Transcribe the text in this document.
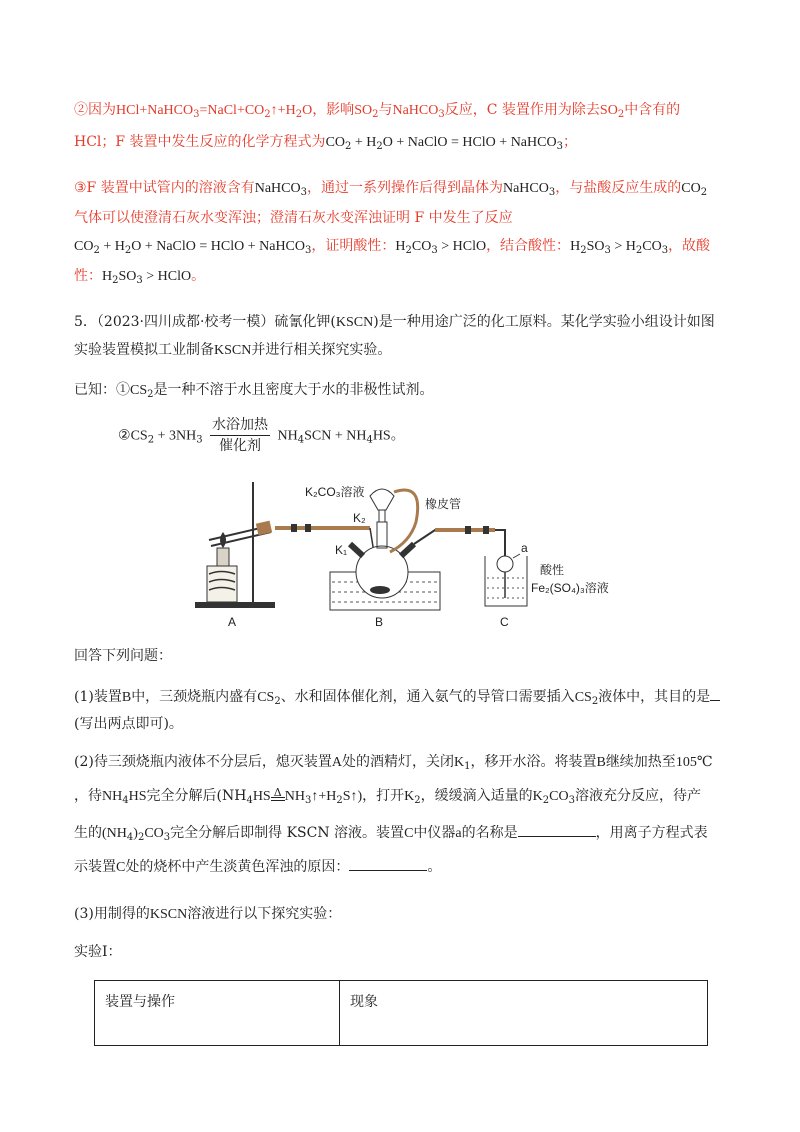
②因为$HCl+NaHCO_3=NaCl+CO_2↑+H_2O$，影响$SO_2$与NaHCO$_3$反应，C 装置作用为除去$SO_2$中含有的
HCl；F 装置中发生反应的化学方程式为$CO_2 + H_2O$ + NaClO = HClO + NaHCO$_3$；
③F 装置中试管内的溶液含有NaHCO$_3$，通过一系列操作后得到晶体为NaHCO$_3$，与盐酸反应生成的$CO_2$
气体可以使澄清石灰水变浑浊；澄清石灰水变浑浊证明 F 中发生了反应
$CO_2 + H_2O$ + NaClO = HClO + NaHCO$_3$，证明酸性：$H_2CO_3$ > HClO，结合酸性：$H_2SO_3 > H_2CO_3$，故酸
性：$H_2SO_3$ > HClO。
5．（2023·四川成都·校考一模）硫氰化钾(KSCN)是一种用途广泛的化工原料。某化学实验小组设计如图
实验装置模拟工业制备KSCN并进行相关探究实验。
已知：$①CS_2$是一种不溶于水且密度大于水的非极性试剂。
$②CS_2 + 3NH_3 \frac{\text{水浴加热}}{\text{催化剂}} NH_4SCN + NH_4HS$。
K₂CO₃溶液
橡皮管
K₂
K₁	a
酸性
Fe₂(SO₄)₃溶液
A	B	C
回答下列问题：
(1)装置B中，三颈烧瓶内盛有$CS_2$、水和固体催化剂，通入氨气的导管口需要插入$CS_2$液体中，其目的是
(写出两点即可)。
(2)待三颈烧瓶内液体不分层后，熄灭装置A处的酒精灯，关闭$K_1$，移开水浴。将装置B继续加热至105℃
，待$NH_4HS$完全分解后($NH_4HS$ Δ $NH_3↑+H_2S↑$)，打开$K_2$，缓缓滴入适量的$K_2CO_3$溶液充分反应，待产
生的$(NH_4)_2CO_3$完全分解后即制得 KSCN 溶液。装置C中仪器a的名称是	，用离子方程式表
示装置C处的烧杯中产生淡黄色浑浊的原因：	。
(3)用制得的KSCN溶液进行以下探究实验：
实验Ⅰ：
装置与操作	现象
